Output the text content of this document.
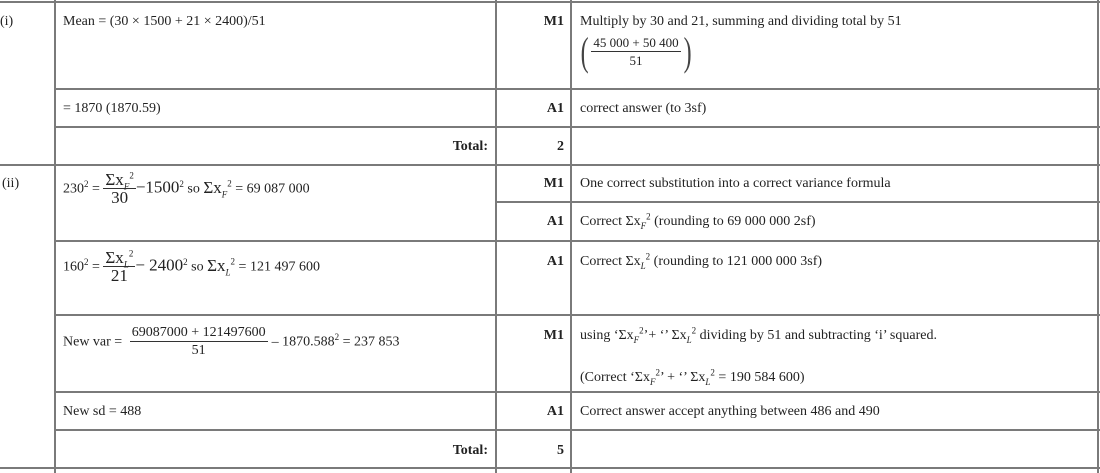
(i)	Mean = (30 × 1500 + 21 × 2400)/51	M1 Multiply by 30 and 21, summing and dividing total by 51
( $\frac{45 000 + 50 400}{51}$ )
= 1870 (1870.59)	A1 correct answer (to 3sf)
Total:	2
(ii)	$230^2 = \frac{\Sigma x_F^2}{30} -1500^2$ so $\Sigma x_F^2 = 69$ 087 000	M1 One correct substitution into a correct variance formula
A1 Correct $\Sigma x_F^2$ (rounding to 69 000 000 2sf)
$160^2 = \frac{\Sigma x_L^2}{21} - 2400^2$ so $\Sigma x_L^2 = 121$ 497 600	A1 Correct $\Sigma x_L^2$ (rounding to 121 000 000 3sf)
New var = $\frac{69087000 + 121497600}{51} - 1870.588^2 = 237$ 853	M1 using ‘$\Sigma x_F^2’+$ ‘’ $\Sigma x_L^2$ dividing by 51 and subtracting ‘i’ squared.
(Correct ‘$\Sigma x_F^2$’ + ‘’ $\Sigma x_L^2 = 190$ 584 600)
New sd = 488	A1 Correct answer accept anything between 486 and 490
Total:	5
